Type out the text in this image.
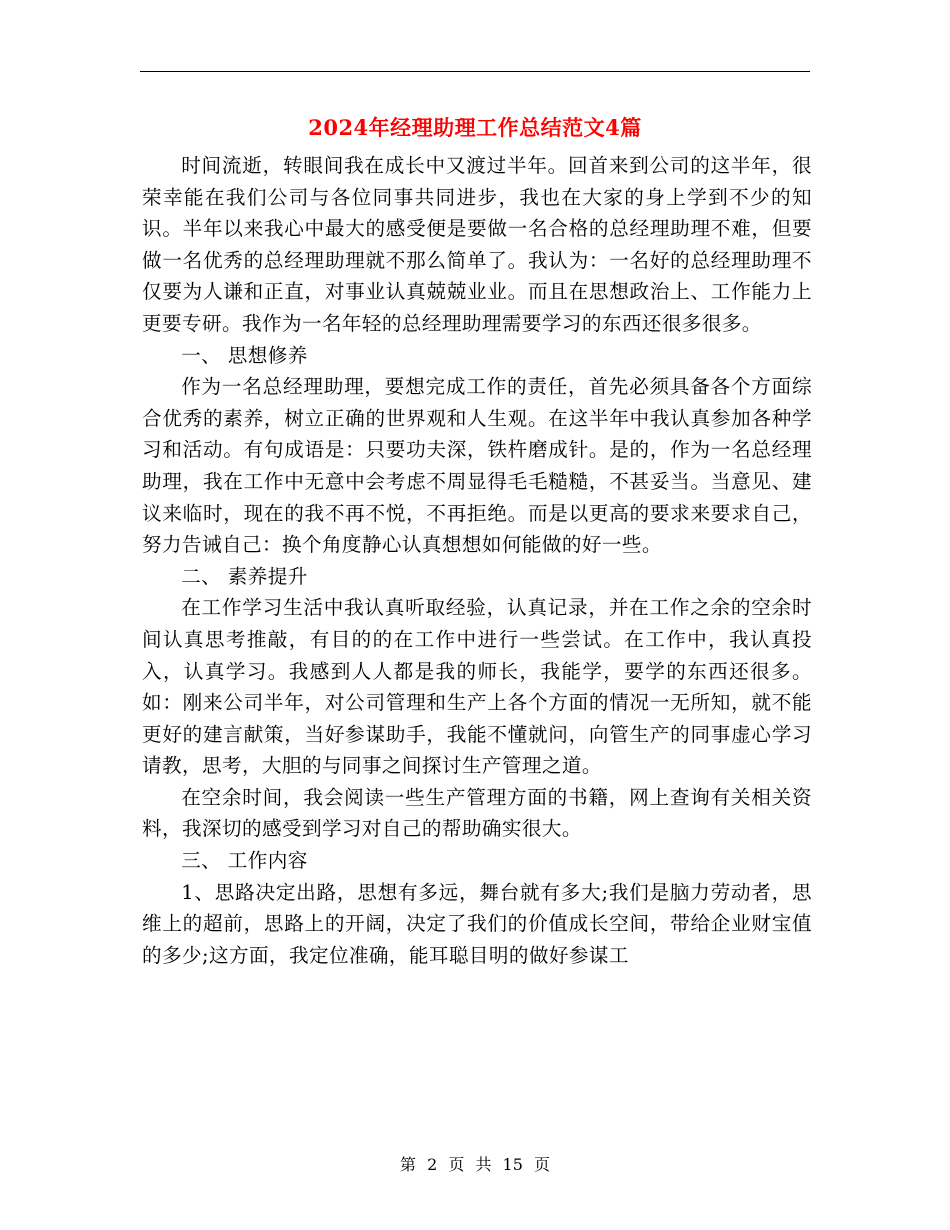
2024年经理助理工作总结范文4篇

时间流逝，转眼间我在成长中又渡过半年。回首来到公司的这半年，很荣幸能在我们公司与各位同事共同进步，我也在大家的身上学到不少的知识。半年以来我心中最大的感受便是要做一名合格的总经理助理不难，但要做一名优秀的总经理助理就不那么简单了。我认为：一名好的总经理助理不仅要为人谦和正直，对事业认真兢兢业业。而且在思想政治上、工作能力上更要专研。我作为一名年轻的总经理助理需要学习的东西还很多很多。

一、 思想修养

作为一名总经理助理，要想完成工作的责任，首先必须具备各个方面综合优秀的素养，树立正确的世界观和人生观。在这半年中我认真参加各种学习和活动。有句成语是：只要功夫深，铁杵磨成针。是的，作为一名总经理助理，我在工作中无意中会考虑不周显得毛毛糙糙，不甚妥当。当意见、建议来临时，现在的我不再不悦，不再拒绝。而是以更高的要求来要求自己，努力告诫自己：换个角度静心认真想想如何能做的好一些。

二、 素养提升

在工作学习生活中我认真听取经验，认真记录，并在工作之余的空余时间认真思考推敲，有目的的在工作中进行一些尝试。在工作中，我认真投入，认真学习。我感到人人都是我的师长，我能学，要学的东西还很多。如：刚来公司半年，对公司管理和生产上各个方面的情况一无所知，就不能更好的建言献策，当好参谋助手，我能不懂就问，向管生产的同事虚心学习请教，思考，大胆的与同事之间探讨生产管理之道。

在空余时间，我会阅读一些生产管理方面的书籍，网上查询有关相关资料，我深切的感受到学习对自己的帮助确实很大。

三、 工作内容

1、思路决定出路，思想有多远，舞台就有多大;我们是脑力劳动者，思维上的超前，思路上的开阔，决定了我们的价值成长空间，带给企业财宝值的多少;这方面，我定位准确，能耳聪目明的做好参谋工

第 2 页 共 15 页
